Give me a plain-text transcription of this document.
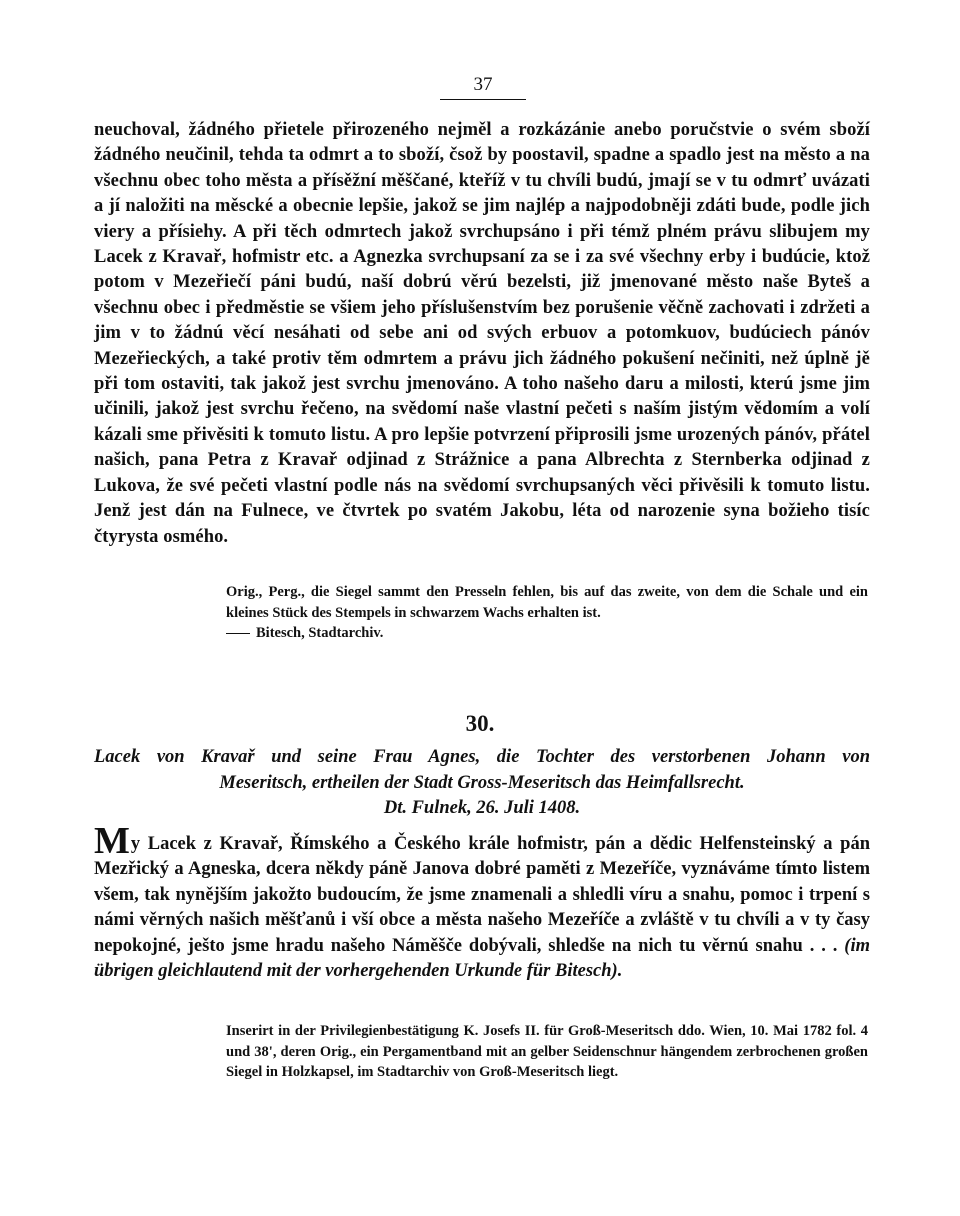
37

neuchoval, žádného přietele přirozeného nejměl a rozkázánie anebo poručstvie o svém sboží žádného neučinil, tehda ta odmrt a to sboží, čsož by poostavil, spadne a spadlo jest na město a na všechnu obec toho města a přísěžní měščané, kteříž v tu chvíli budú, jmají se v tu odmrť uvázati a jí naložiti na měscké a obecnie lepšie, jakož se jim najlép a najpodobněji zdáti bude, podle jich viery a přísiehy. A při těch odmrtech jakož svrchupsáno i při témž plném právu slibujem my Lacek z Kravař, hofmistr etc. a Agnezka svrchupsaní za se i za své všechny erby i budúcie, ktož potom v Mezeřiečí páni budú, naší dobrú věrú bezelsti, již jmenované město naše Byteš a všechnu obec i předměstie se všiem jeho příslušenstvím bez porušenie věčně zachovati i zdržeti a jim v to žádnú věcí nesáhati od sebe ani od svých erbuov a potomkuov, budúciech pánóv Mezeřieckých, a také protiv těm odmrtem a právu jich žádného pokušení nečiniti, než úplně jě při tom ostaviti, tak jakož jest svrchu jmenováno. A toho našeho daru a milosti, kterú jsme jim učinili, jakož jest svrchu řečeno, na svědomí naše vlastní pečeti s naším jistým vědomím a volí kázali sme přivěsiti k tomuto listu. A pro lepšie potvrzení připrosili jsme urozených pánóv, přátel našich, pana Petra z Kravař odjinad z Strážnice a pana Albrechta z Sternberka odjinad z Lukova, že své pečeti vlastní podle nás na svědomí svrchupsaných věci přivěsili k tomuto listu. Jenž jest dán na Fulnece, ve čtvrtek po svatém Jakobu, léta od narozenie syna božieho tisíc čtyrysta osmého.

Orig., Perg., die Siegel sammt den Presseln fehlen, bis auf das zweite, von dem die Schale und ein kleines Stück des Stempels in schwarzem Wachs erhalten ist.
Bitesch, Stadtarchiv.
30.
Lacek von Kravař und seine Frau Agnes, die Tochter des verstorbenen Johann von
Meseritsch, ertheilen der Stadt Gross-Meseritsch das Heimfallsrecht.
Dt. Fulnek, 26. Juli 1408.
My Lacek z Kravař, Římského a Českého krále hofmistr, pán a dědic Helfensteinský a pán Mezřický a Agneska, dcera někdy páně Janova dobré paměti z Mezeříče, vyznáváme tímto listem všem, tak nynějším jakožto budoucím, že jsme znamenali a shledli víru a snahu, pomoc i trpení s námi věrných našich měšťanů i vší obce a města našeho Mezeříče a zvláště v tu chvíli a v ty časy nepokojné, ješto jsme hradu našeho Náměšče dobývali, shledše na nich tu věrnú snahu . . . (im übrigen gleichlautend mit der vorhergehenden Urkunde für Bitesch).
Inserirt in der Privilegienbestätigung K. Josefs II. für Groß-Meseritsch ddo. Wien, 10. Mai 1782 fol. 4 und 38', deren Orig., ein Pergamentband mit an gelber Seidenschnur hängendem zerbrochenen großen Siegel in Holzkapsel, im Stadtarchiv von Groß-Meseritsch liegt.
